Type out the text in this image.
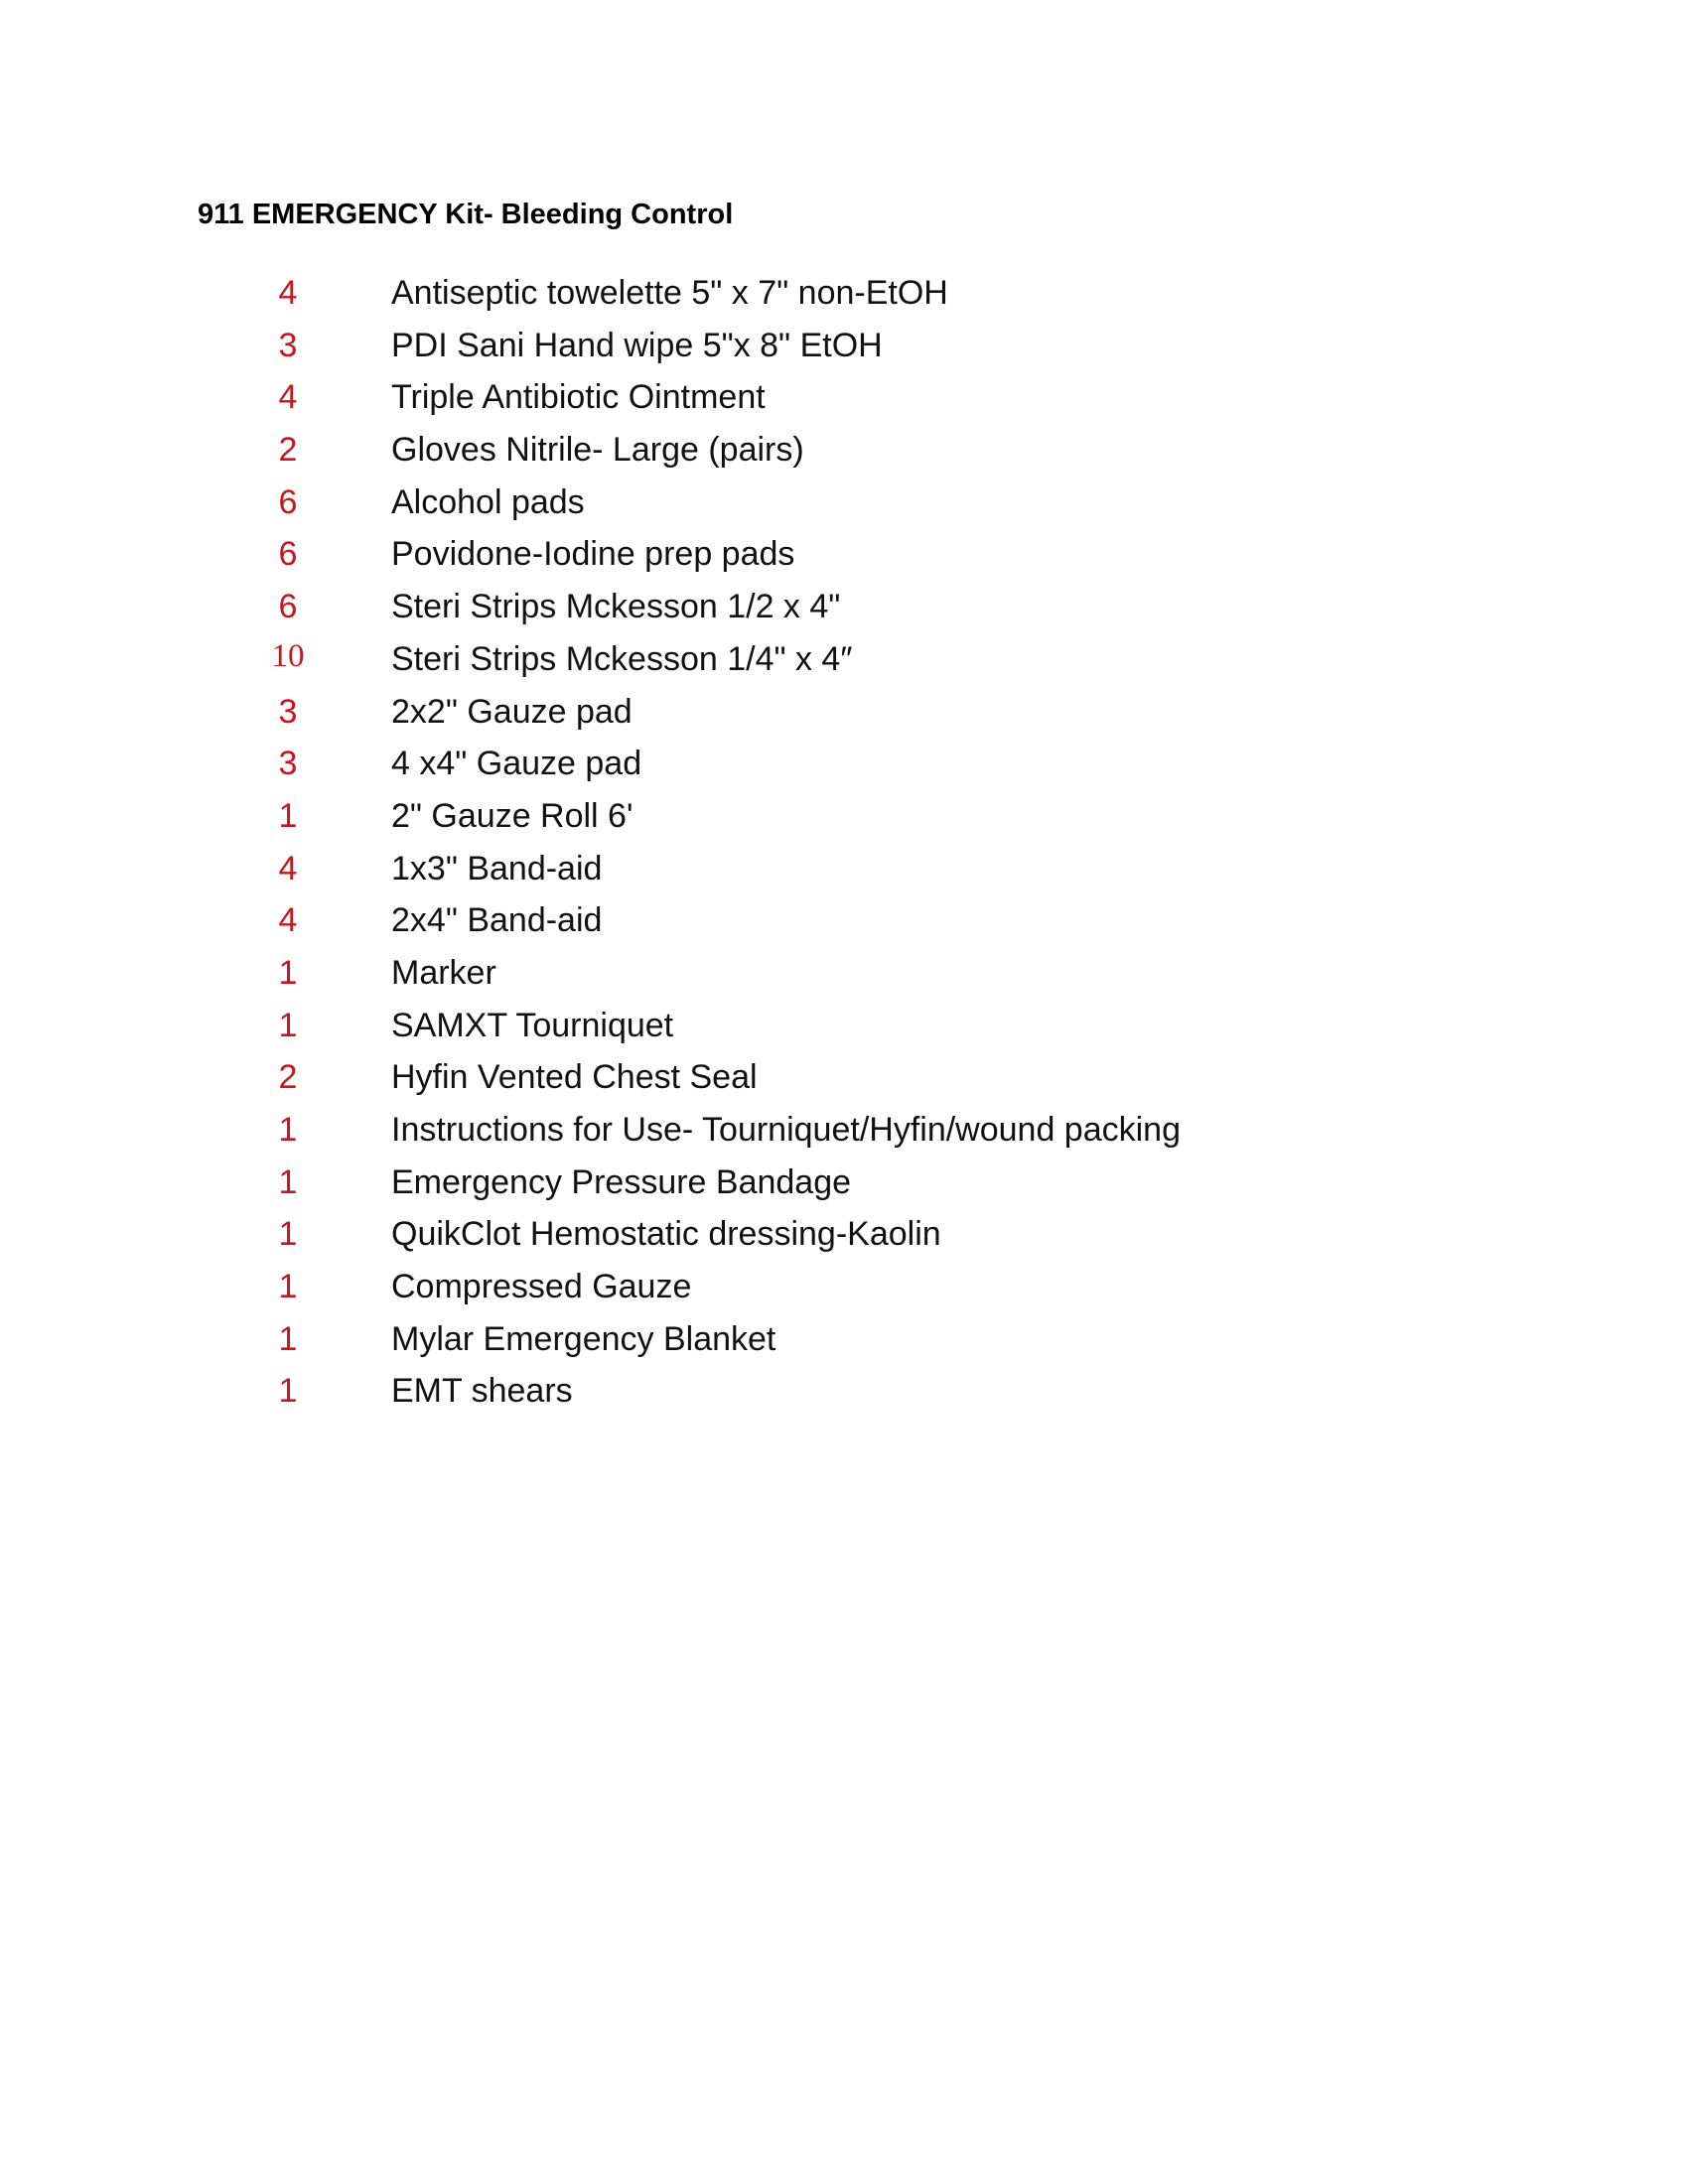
911 EMERGENCY Kit- Bleeding Control
4	Antiseptic towelette 5" x 7" non-EtOH
3	PDI Sani Hand wipe 5"x 8" EtOH
4	Triple Antibiotic Ointment
2	Gloves Nitrile- Large (pairs)
6	Alcohol pads
6	Povidone-Iodine prep pads
6	Steri Strips Mckesson 1/2 x 4"
10	Steri Strips Mckesson 1/4" x 4″
3	2x2" Gauze pad
3	4 x4" Gauze pad
1	2" Gauze Roll 6'
4	1x3" Band-aid
4	2x4" Band-aid
1	Marker
1	SAMXT Tourniquet
2	Hyfin Vented Chest Seal
1	Instructions for Use- Tourniquet/Hyfin/wound packing
1	Emergency Pressure Bandage
1	QuikClot Hemostatic dressing-Kaolin
1	Compressed Gauze
1	Mylar Emergency Blanket
1	EMT shears
